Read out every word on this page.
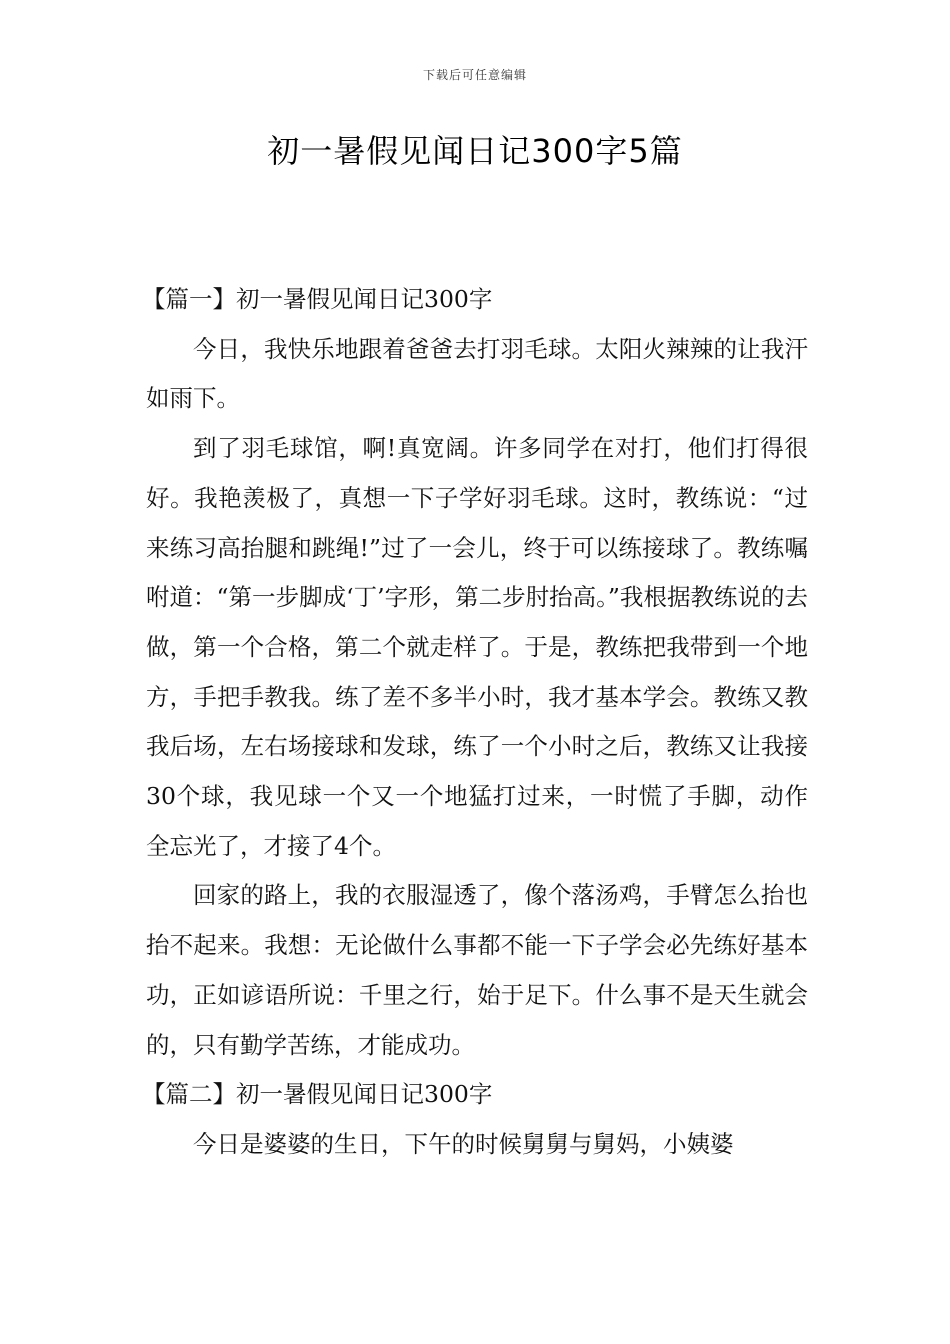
下载后可任意编辑
初一暑假见闻日记300字5篇

【篇一】初一暑假见闻日记300字

今日，我快乐地跟着爸爸去打羽毛球。太阳火辣辣的让我汗如雨下。

到了羽毛球馆，啊!真宽阔。许多同学在对打，他们打得很好。我艳羡极了，真想一下子学好羽毛球。这时，教练说：“过来练习高抬腿和跳绳!”过了一会儿，终于可以练接球了。教练嘱咐道：“第一步脚成‘丁’字形，第二步肘抬高。”我根据教练说的去做，第一个合格，第二个就走样了。于是，教练把我带到一个地方，手把手教我。练了差不多半小时，我才基本学会。教练又教我后场，左右场接球和发球，练了一个小时之后，教练又让我接30个球，我见球一个又一个地猛打过来，一时慌了手脚，动作全忘光了，才接了4个。

回家的路上，我的衣服湿透了，像个落汤鸡，手臂怎么抬也抬不起来。我想：无论做什么事都不能一下子学会必先练好基本功，正如谚语所说：千里之行，始于足下。什么事不是天生就会的，只有勤学苦练，才能成功。

【篇二】初一暑假见闻日记300字

今日是婆婆的生日，下午的时候舅舅与舅妈，小姨婆
